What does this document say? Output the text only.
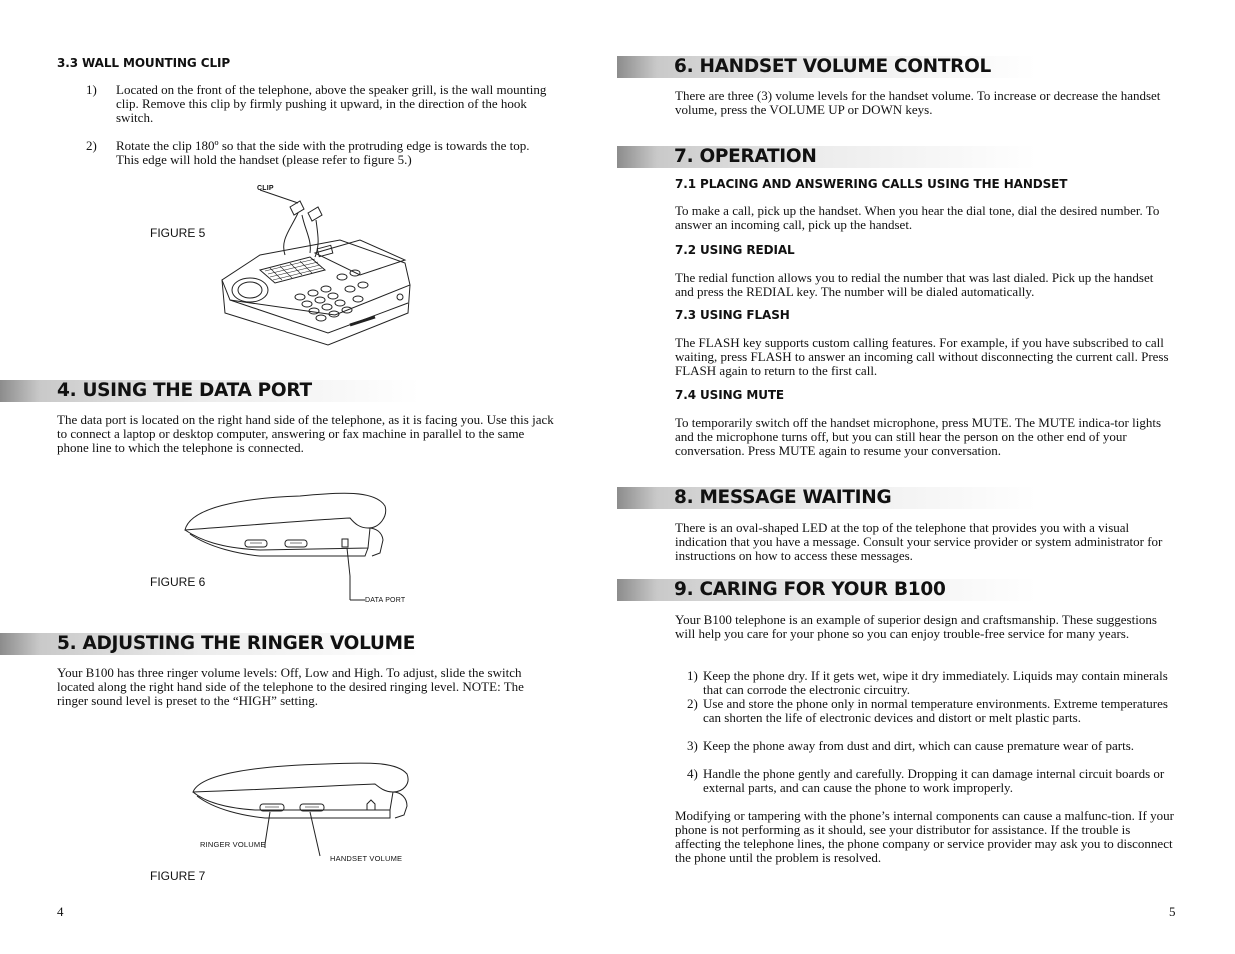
3.3 WALL MOUNTING CLIP
1) Located on the front of the telephone, above the speaker grill, is the wall mounting clip. Remove this clip by firmly pushing it upward, in the direction of the hook switch.
2) Rotate the clip 180º so that the side with the protruding edge is towards the top. This edge will hold the handset (please refer to figure 5.)
FIGURE 5
CLIP
4. USING THE DATA PORT
The data port is located on the right hand side of the telephone, as it is facing you. Use this jack to connect a laptop or desktop computer, answering or fax machine in parallel to the same phone line to which the telephone is connected.
FIGURE 6
DATA PORT
5. ADJUSTING THE RINGER VOLUME
Your B100 has three ringer volume levels: Off, Low and High. To adjust, slide the switch located along the right hand side of the telephone to the desired ringing level. NOTE: The ringer sound level is preset to the “HIGH” setting.
RINGER VOLUME
HANDSET VOLUME
FIGURE 7
4
6. HANDSET VOLUME CONTROL
There are three (3) volume levels for the handset volume. To increase or decrease the handset volume, press the VOLUME UP or DOWN keys.
7. OPERATION
7.1 PLACING AND ANSWERING CALLS USING THE HANDSET
To make a call, pick up the handset. When you hear the dial tone, dial the desired number. To answer an incoming call, pick up the handset.
7.2 USING REDIAL
The redial function allows you to redial the number that was last dialed. Pick up the handset and press the REDIAL key. The number will be dialed automatically.
7.3 USING FLASH
The FLASH key supports custom calling features. For example, if you have subscribed to call waiting, press FLASH to answer an incoming call without disconnecting the current call. Press FLASH again to return to the first call.
7.4 USING MUTE
To temporarily switch off the handset microphone, press MUTE. The MUTE indica-tor lights and the microphone turns off, but you can still hear the person on the other end of your conversation. Press MUTE again to resume your conversation.
8. MESSAGE WAITING
There is an oval-shaped LED at the top of the telephone that provides you with a visual indication that you have a message. Consult your service provider or system administrator for instructions on how to access these messages.
9. CARING FOR YOUR B100
Your B100 telephone is an example of superior design and craftsmanship. These suggestions will help you care for your phone so you can enjoy trouble-free service for many years.
1) Keep the phone dry. If it gets wet, wipe it dry immediately. Liquids may contain minerals that can corrode the electronic circuitry.
2) Use and store the phone only in normal temperature environments. Extreme temperatures can shorten the life of electronic devices and distort or melt plastic parts.
3) Keep the phone away from dust and dirt, which can cause premature wear of parts.
4) Handle the phone gently and carefully. Dropping it can damage internal circuit boards or external parts, and can cause the phone to work improperly.
Modifying or tampering with the phone’s internal components can cause a malfunc-tion. If your phone is not performing as it should, see your distributor for assistance. If the trouble is affecting the telephone lines, the phone company or service provider may ask you to disconnect the phone until the problem is resolved.
5
